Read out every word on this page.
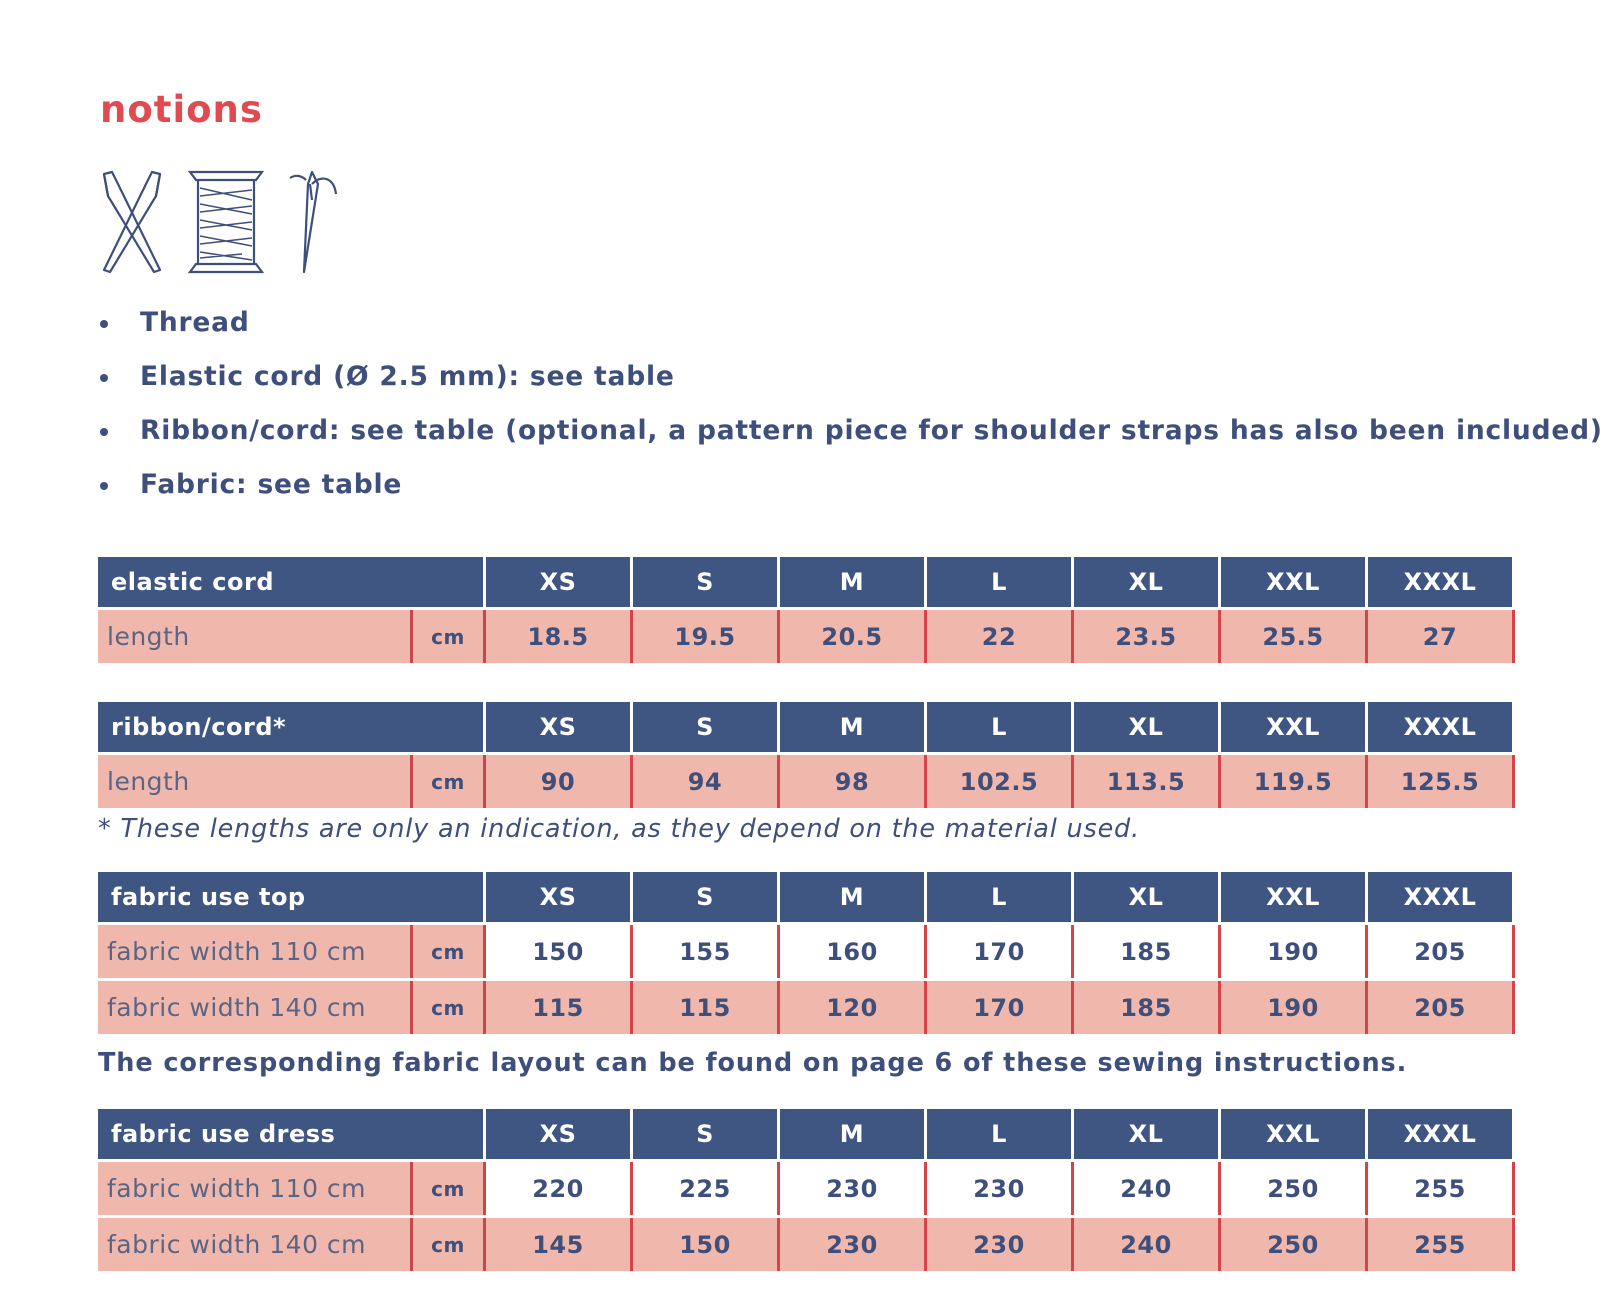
notions
Thread
Elastic cord (Ø 2.5 mm): see table
Ribbon/cord: see table (optional, a pattern piece for shoulder straps has also been included)
Fabric: see table
elastic cord	XS	S	M	L	XL	XXL	XXXL
length	cm	18.5	19.5	20.5	22	23.5	25.5	27
ribbon/cord*	XS	S	M	L	XL	XXL	XXXL
length	cm	90	94	98	102.5	113.5	119.5	125.5
* These lengths are only an indication, as they depend on the material used.
fabric use top	XS	S	M	L	XL	XXL	XXXL
fabric width 110 cm	cm	150	155	160	170	185	190	205
fabric width 140 cm	cm	115	115	120	170	185	190	205
The corresponding fabric layout can be found on page 6 of these sewing instructions.
fabric use dress	XS	S	M	L	XL	XXL	XXXL
fabric width 110 cm	cm	220	225	230	230	240	250	255
fabric width 140 cm	cm	145	150	230	230	240	250	255
